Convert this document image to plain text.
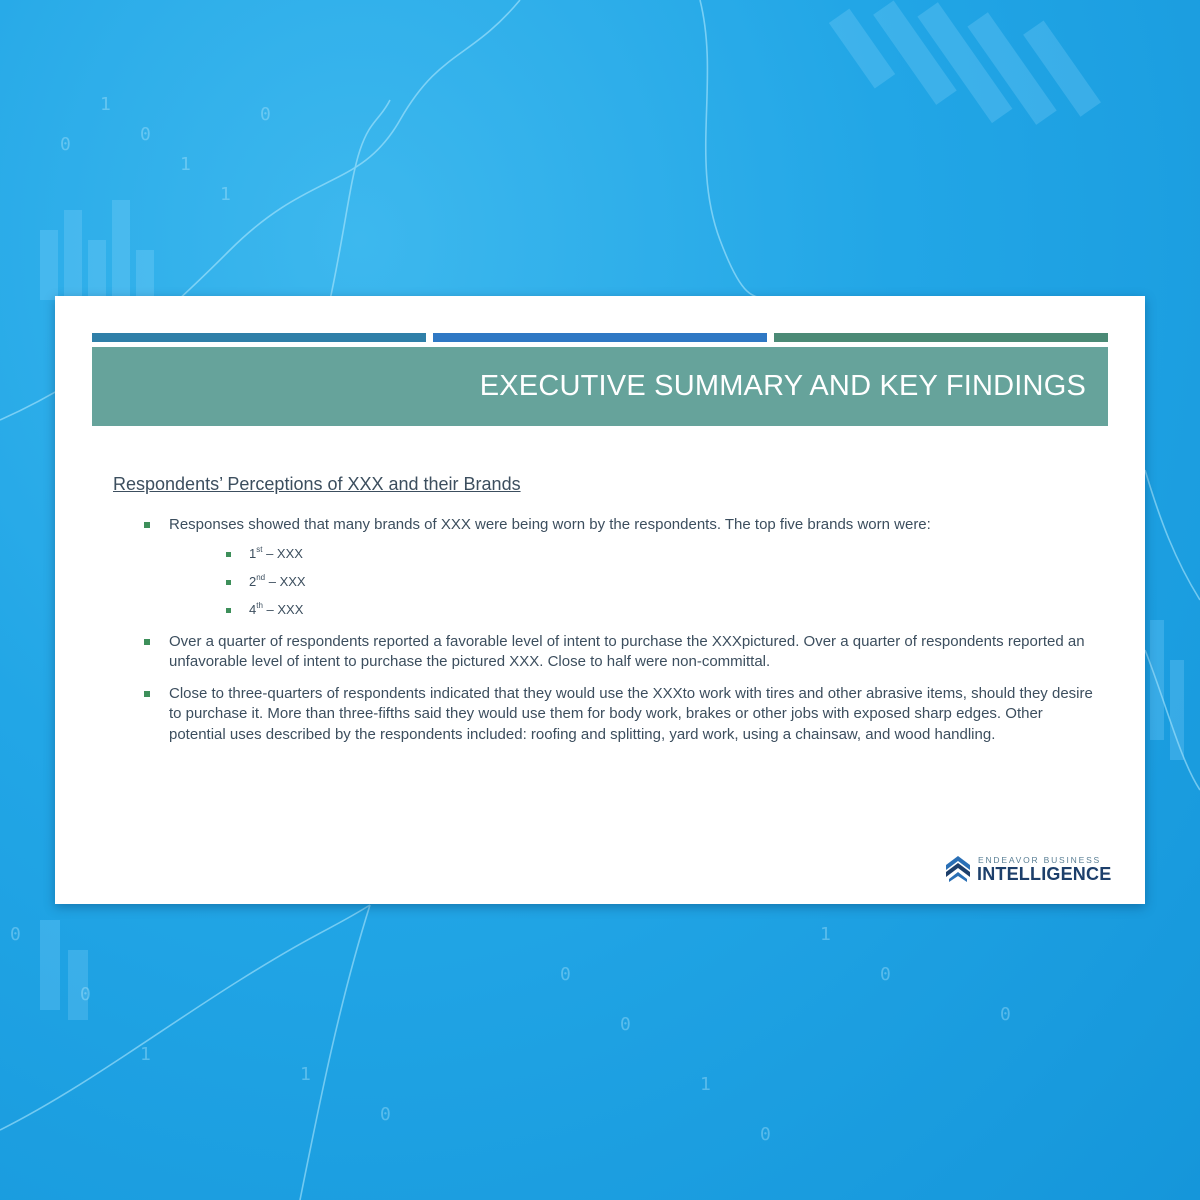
1
0
1
1
0
0
0
0
1
0
0
1
1
0
0
1
0
0
EXECUTIVE SUMMARY AND KEY FINDINGS
Respondents’ Perceptions of XXX and their Brands
Responses showed that many brands of XXX were being worn by the respondents. The top five brands worn were:
1st – XXX
2nd – XXX
4th – XXX
Over a quarter of respondents reported a favorable level of intent to purchase the XXXpictured. Over a quarter of respondents reported an unfavorable level of intent to purchase the pictured XXX. Close to half were non-committal.
Close to three-quarters of respondents indicated that they would use the XXXto work with tires and other abrasive items, should they desire to purchase it. More than three-fifths said they would use them for body work, brakes or other jobs with exposed sharp edges. Other potential uses described by the respondents included: roofing and splitting, yard work, using a chainsaw, and wood handling.
ENDEAVOR BUSINESS
INTELLIGENCE
